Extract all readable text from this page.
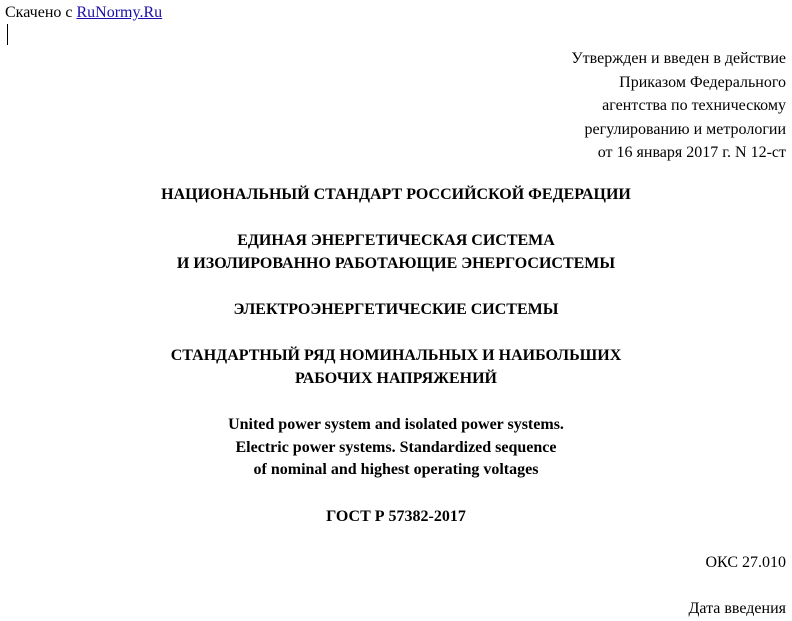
Скачено с RuNormy.Ru
Утвержден и введен в действие
Приказом Федерального
агентства по техническому
регулированию и метрологии
от 16 января 2017 г. N 12-ст
НАЦИОНАЛЬНЫЙ СТАНДАРТ РОССИЙСКОЙ ФЕДЕРАЦИИ
ЕДИНАЯ ЭНЕРГЕТИЧЕСКАЯ СИСТЕМА
И ИЗОЛИРОВАННО РАБОТАЮЩИЕ ЭНЕРГОСИСТЕМЫ
ЭЛЕКТРОЭНЕРГЕТИЧЕСКИЕ СИСТЕМЫ
СТАНДАРТНЫЙ РЯД НОМИНАЛЬНЫХ И НАИБОЛЬШИХ
РАБОЧИХ НАПРЯЖЕНИЙ
United power system and isolated power systems.
Electric power systems. Standardized sequence
of nominal and highest operating voltages
ГОСТ Р 57382-2017
ОКС 27.010
Дата введения
